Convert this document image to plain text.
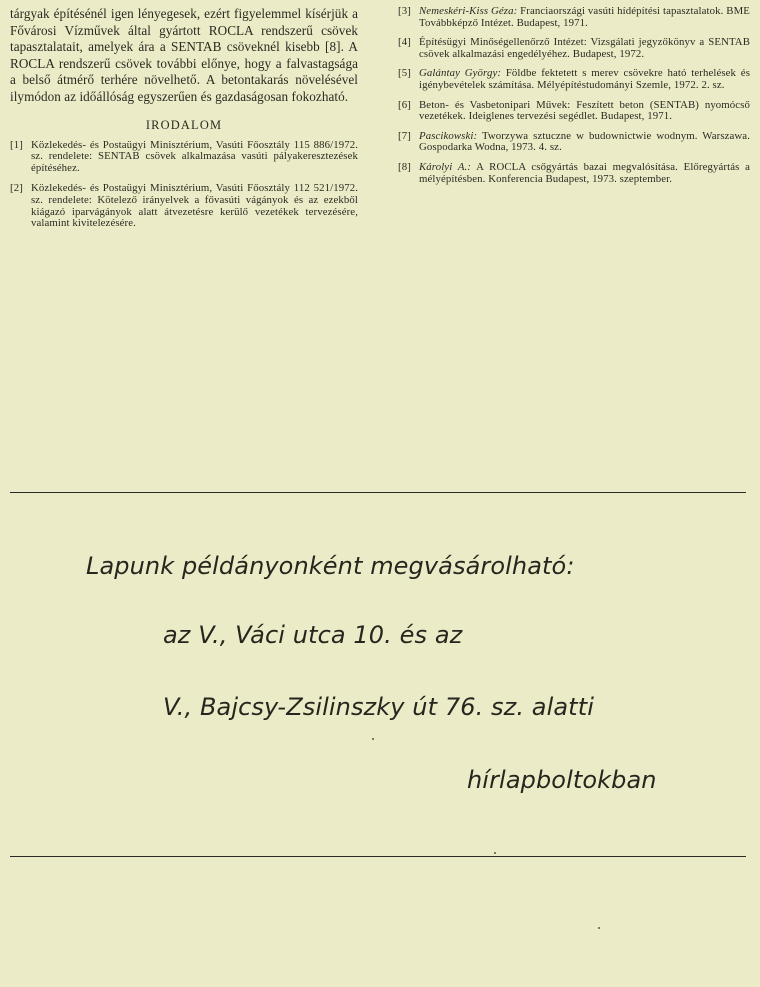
tárgyak építésénél igen lényegesek, ezért figyelemmel kísérjük a Fővárosi Vízművek által gyártott ROCLA rendszerű csövek tapasztalatait, amelyek ára a SENTAB csöveknél kisebb [8]. A ROCLA rendszerű csövek további előnye, hogy a falvastagsága a belső átmérő terhére növelhető. A betontakarás növelésével ilymódon az időállóság egyszerűen és gazdaságosan fokozható.

IRODALOM
[1] Közlekedés- és Postaügyi Minisztérium, Vasúti Főosztály 115 886/1972. sz. rendelete: SENTAB csövek alkalmazása vasúti pályakeresztezések építéséhez.
[2] Közlekedés- és Postaügyi Minisztérium, Vasúti Főosztály 112 521/1972. sz. rendelete: Kötelező irányelvek a fővasúti vágányok és az ezekből kiágazó iparvágányok alatt átvezetésre kerülő vezetékek tervezésére, valamint kivitelezésére.
[3] Nemeskéri-Kiss Géza: Franciaországi vasúti hídépítési tapasztalatok. BME Továbbképző Intézet. Budapest, 1971.
[4] Építésügyi Minőségellenőrző Intézet: Vizsgálati jegyzőkönyv a SENTAB csövek alkalmazási engedélyéhez. Budapest, 1972.
[5] Galántay György: Földbe fektetett s merev csövekre ható terhelések és igénybevételek számítása. Mélyépítéstudományi Szemle, 1972. 2. sz.
[6] Beton- és Vasbetonipari Művek: Feszített beton (SENTAB) nyomócső vezetékek. Ideiglenes tervezési segédlet. Budapest, 1971.
[7] Pascikowski: Tworzywa sztuczne w budownictwie wodnym. Warszawa. Gospodarka Wodna, 1973. 4. sz.
[8] Károlyi A.: A ROCLA csőgyártás bazai megvalósítása. Előregyártás a mélyépítésben. Konferencia Budapest, 1973. szeptember.

Lapunk példányonként megvásárolható:

az V., Váci utca 10. és az

V., Bajcsy-Zsilinszky út 76. sz. alatti

hírlapboltokban
